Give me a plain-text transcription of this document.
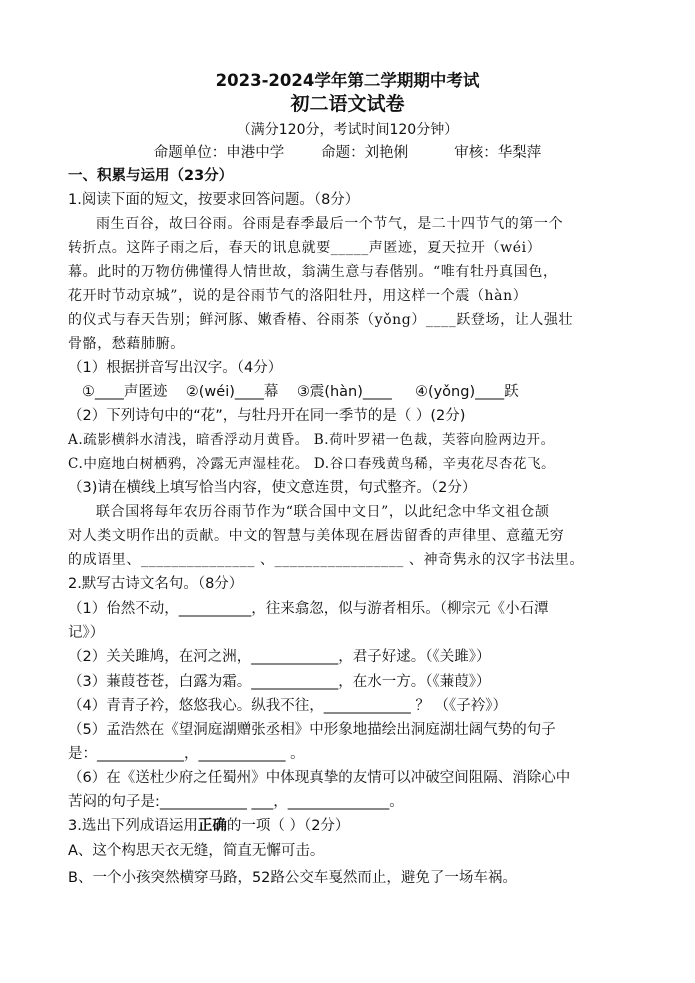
2023-2024学年第二学期期中考试
初二语文试卷
（满分120分，考试时间120分钟）
命题单位：申港中学        命题：刘艳俐          审核：华梨萍
一、积累与运用（23分）
1.阅读下面的短文，按要求回答问题。（8分）
雨生百谷，故曰谷雨。谷雨是春季最后一个节气，是二十四节气的第一个
转折点。这阵子雨之后，春天的讯息就要_____声匿迹，夏天拉开（wéi）
幕。此时的万物仿佛懂得人情世故，翁满生意与春偕别。“唯有牡丹真国色，
花开时节动京城”，说的是谷雨节气的洛阳牡丹，用这样一个震（hàn）
的仪式与春天告别；鲜河豚、嫩香椿、谷雨茶（yǒng）____跃登场，让人强壮
骨骼，愁藉肺腑。
（1）根据拼音写出汉字。（4分）
①____声匿迹    ②(wéi)____幕    ③震(hàn)____     ④(yǒng)____跃
（2）下列诗句中的“花”，与牡丹开在同一季节的是（ ）(2分)
A.疏影横斜水清浅，暗香浮动月黄昏。 B.荷叶罗裙一色裁，芙蓉向脸两边开。
C.中庭地白树栖鸦，冷露无声湿桂花。 D.谷口春残黄鸟稀，辛夷花尽杏花飞。
（3)请在横线上填写恰当内容，使文意连贯，句式整齐。（2分）
联合国将每年农历谷雨节作为“联合国中文日”，以此纪念中华文祖仓颉
对人类文明作出的贡献。中文的智慧与美体现在唇齿留香的声律里、意蕴无穷
的成语里、_______________ 、_________________ 、神奇隽永的汉字书法里。
2.默写古诗文名句。（8分）
（1）佁然不动，__________，往来翕忽，似与游者相乐。（柳宗元《小石潭
记》）
（2）关关雎鸠，在河之洲，____________，君子好逑。（《关雎》）
（3）蒹葭苍苍，白露为霜。____________，在水一方。（《蒹葭》）
（4）青青子衿，悠悠我心。纵我不往，____________ ？ （《子衿》）
（5）孟浩然在《望洞庭湖赠张丞相》中形象地描绘出洞庭湖壮阔气势的句子
是：____________，____________ 。
（6）在《送杜少府之任蜀州》中体现真挚的友情可以冲破空间阻隔、消除心中
苦闷的句子是:____________ ___，______________。
3.选出下列成语运用正确的一项（ ）（2分）
A、这个构思天衣无缝，简直无懈可击。
B、一个小孩突然横穿马路，52路公交车戛然而止，避免了一场车祸。
